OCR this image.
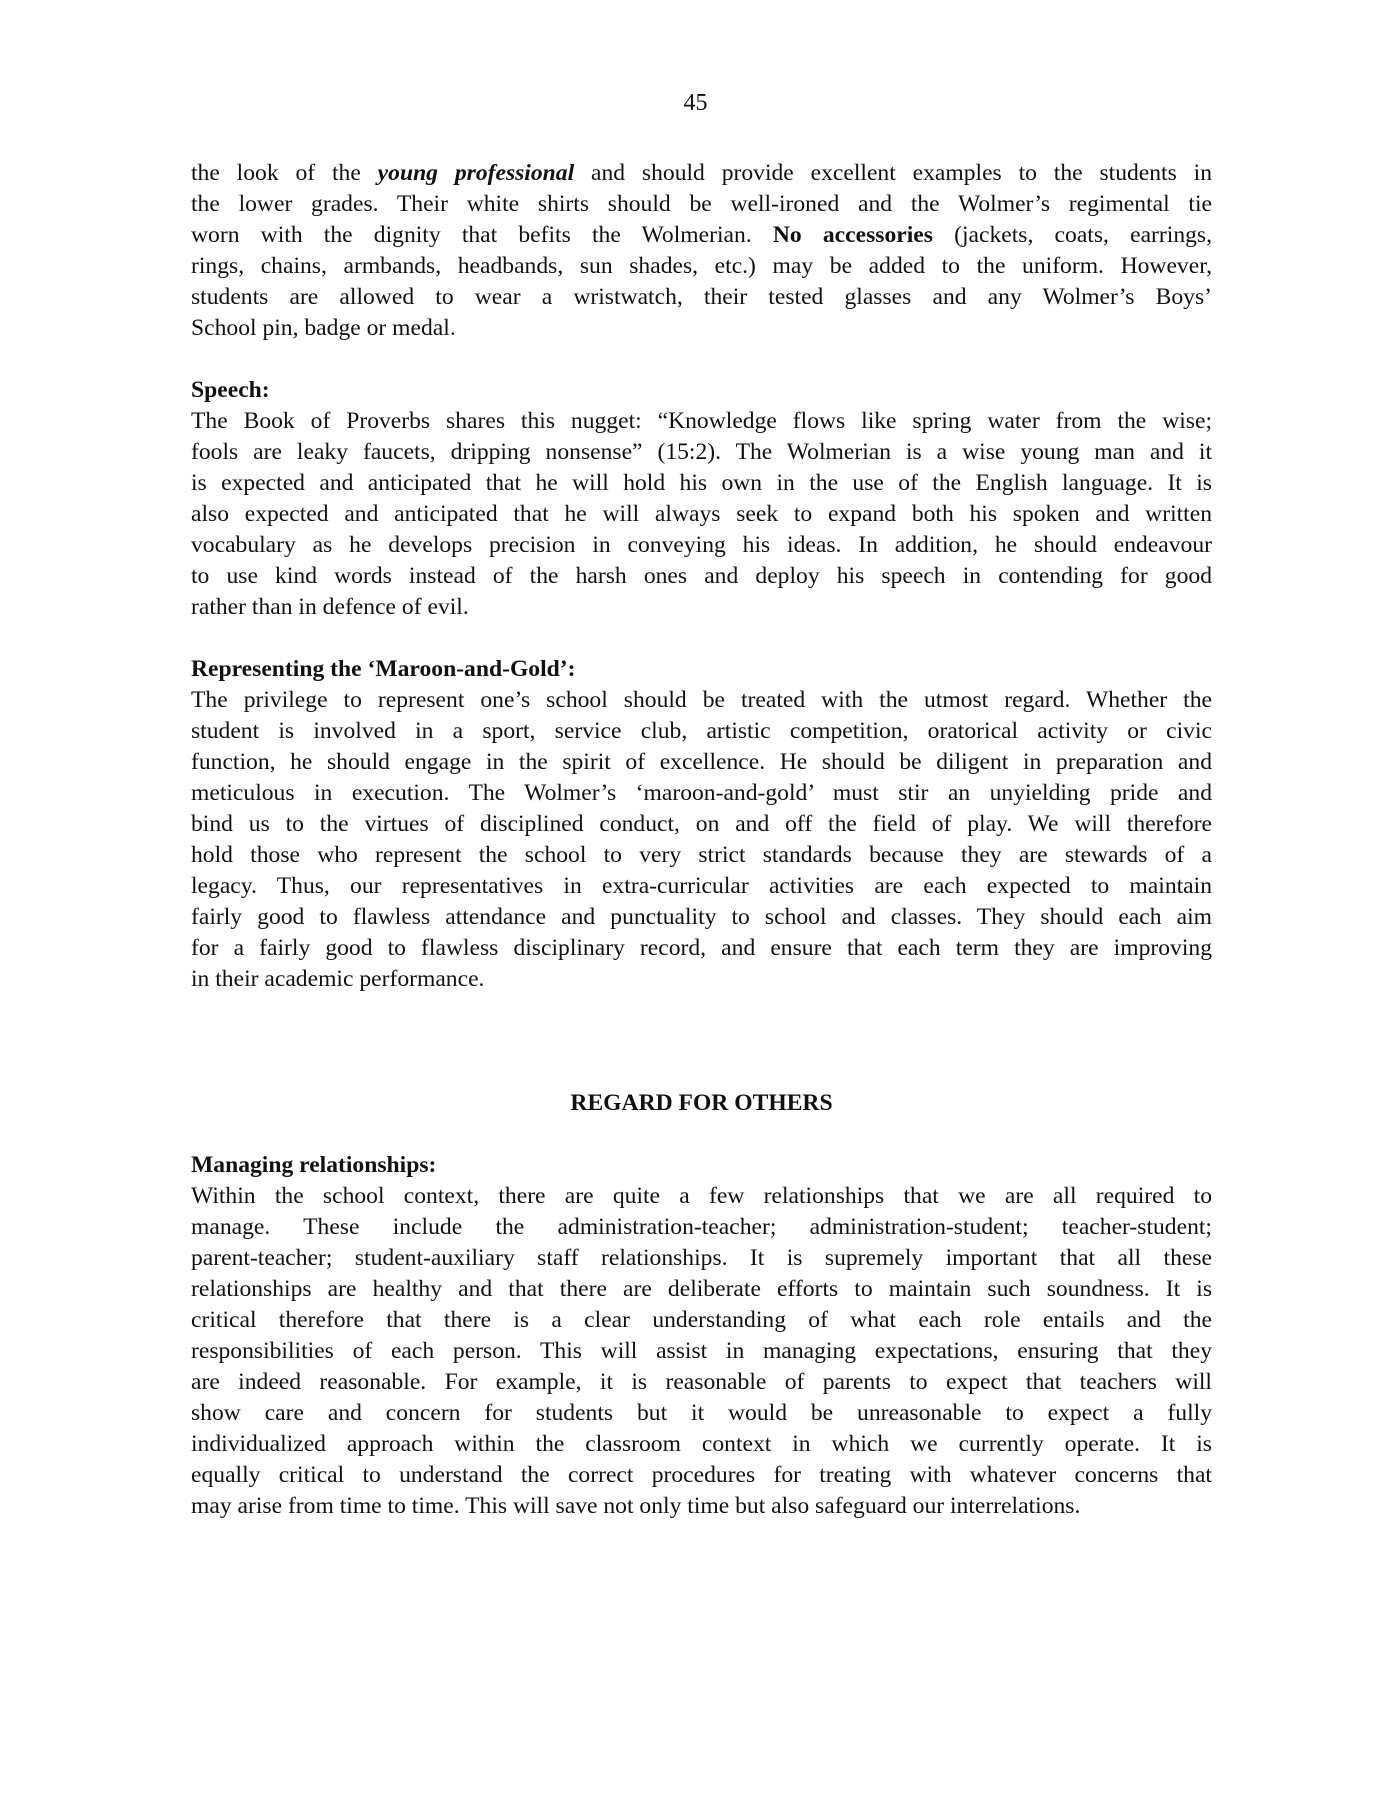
45
the look of the young professional and should provide excellent examples to the students in
the lower grades. Their white shirts should be well-ironed and the Wolmer’s regimental tie
worn with the dignity that befits the Wolmerian. No accessories (jackets, coats, earrings,
rings, chains, armbands, headbands, sun shades, etc.) may be added to the uniform. However,
students are allowed to wear a wristwatch, their tested glasses and any Wolmer’s Boys’
School pin, badge or medal.
Speech:
The Book of Proverbs shares this nugget: “Knowledge flows like spring water from the wise;
fools are leaky faucets, dripping nonsense” (15:2). The Wolmerian is a wise young man and it
is expected and anticipated that he will hold his own in the use of the English language. It is
also expected and anticipated that he will always seek to expand both his spoken and written
vocabulary as he develops precision in conveying his ideas. In addition, he should endeavour
to use kind words instead of the harsh ones and deploy his speech in contending for good
rather than in defence of evil.
Representing the ‘Maroon-and-Gold’:
The privilege to represent one’s school should be treated with the utmost regard. Whether the
student is involved in a sport, service club, artistic competition, oratorical activity or civic
function, he should engage in the spirit of excellence. He should be diligent in preparation and
meticulous in execution. The Wolmer’s ‘maroon-and-gold’ must stir an unyielding pride and
bind us to the virtues of disciplined conduct, on and off the field of play. We will therefore
hold those who represent the school to very strict standards because they are stewards of a
legacy. Thus, our representatives in extra-curricular activities are each expected to maintain
fairly good to flawless attendance and punctuality to school and classes. They should each aim
for a fairly good to flawless disciplinary record, and ensure that each term they are improving
in their academic performance.
REGARD FOR OTHERS
Managing relationships:
Within the school context, there are quite a few relationships that we are all required to
manage. These include the administration-teacher; administration-student; teacher-student;
parent-teacher; student-auxiliary staff relationships. It is supremely important that all these
relationships are healthy and that there are deliberate efforts to maintain such soundness. It is
critical therefore that there is a clear understanding of what each role entails and the
responsibilities of each person. This will assist in managing expectations, ensuring that they
are indeed reasonable. For example, it is reasonable of parents to expect that teachers will
show care and concern for students but it would be unreasonable to expect a fully
individualized approach within the classroom context in which we currently operate. It is
equally critical to understand the correct procedures for treating with whatever concerns that
may arise from time to time. This will save not only time but also safeguard our interrelations.
